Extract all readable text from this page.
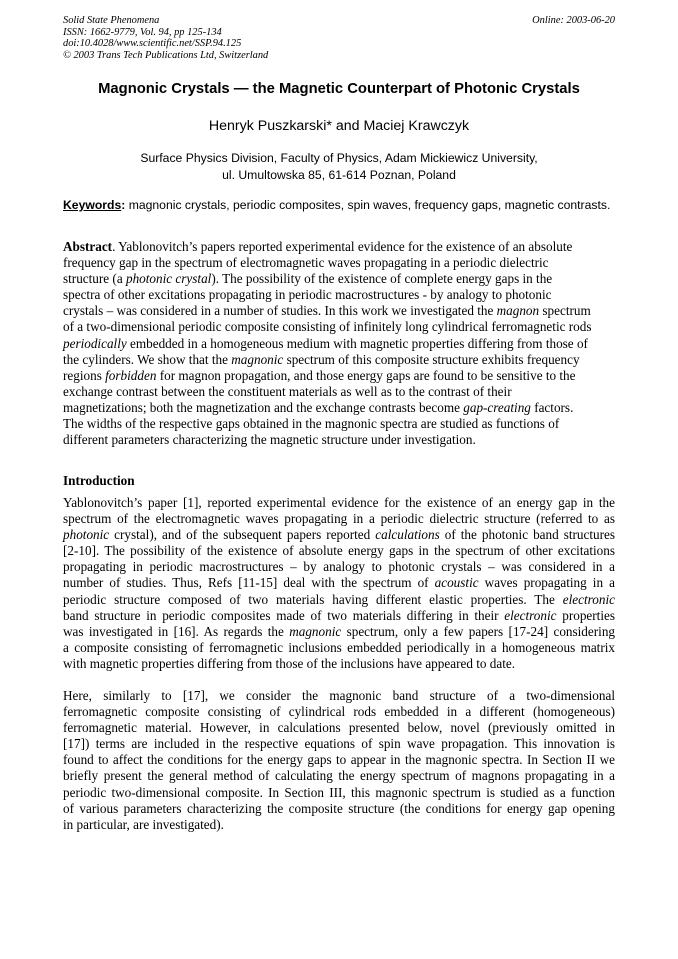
Solid State Phenomena
ISSN: 1662-9779, Vol. 94, pp 125-134
doi:10.4028/www.scientific.net/SSP.94.125
© 2003 Trans Tech Publications Ltd, Switzerland
Online: 2003-06-20
Magnonic Crystals — the Magnetic Counterpart of Photonic Crystals
Henryk Puszkarski* and Maciej Krawczyk
Surface Physics Division, Faculty of Physics, Adam Mickiewicz University,
ul. Umultowska 85, 61-614 Poznan, Poland
Keywords: magnonic crystals, periodic composites, spin waves, frequency gaps, magnetic contrasts.
Abstract. Yablonovitch’s papers reported experimental evidence for the existence of an absolute
frequency gap in the spectrum of electromagnetic waves propagating in a periodic dielectric
structure (a photonic crystal). The possibility of the existence of complete energy gaps in the
spectra of other excitations propagating in periodic macrostructures - by analogy to photonic
crystals – was considered in a number of studies. In this work we investigated the magnon spectrum
of a two-dimensional periodic composite consisting of infinitely long cylindrical ferromagnetic rods
periodically embedded in a homogeneous medium with magnetic properties differing from those of
the cylinders. We show that the magnonic spectrum of this composite structure exhibits frequency
regions forbidden for magnon propagation, and those energy gaps are found to be sensitive to the
exchange contrast between the constituent materials as well as to the contrast of their
magnetizations; both the magnetization and the exchange contrasts become gap-creating factors.
The widths of the respective gaps obtained in the magnonic spectra are studied as functions of
different parameters characterizing the magnetic structure under investigation.
Introduction
Yablonovitch’s paper [1], reported experimental evidence for the existence of an energy gap in the
spectrum of the electromagnetic waves propagating in a periodic dielectric structure (referred to as
photonic crystal), and of the subsequent papers reported calculations of the photonic band structures
[2-10]. The possibility of the existence of absolute energy gaps in the spectrum of other excitations
propagating in periodic macrostructures – by analogy to photonic crystals – was considered in a
number of studies. Thus, Refs [11-15] deal with the spectrum of acoustic waves propagating in a
periodic structure composed of two materials having different elastic properties. The electronic
band structure in periodic composites made of two materials differing in their electronic properties
was investigated in [16]. As regards the magnonic spectrum, only a few papers [17-24] considering
a composite consisting of ferromagnetic inclusions embedded periodically in a homogeneous matrix
with magnetic properties differing from those of the inclusions have appeared to date.
Here, similarly to [17], we consider the magnonic band structure of a two-dimensional
ferromagnetic composite consisting of cylindrical rods embedded in a different (homogeneous)
ferromagnetic material. However, in calculations presented below, novel (previously omitted in
[17]) terms are included in the respective equations of spin wave propagation. This innovation is
found to affect the conditions for the energy gaps to appear in the magnonic spectra. In Section II we
briefly present the general method of calculating the energy spectrum of magnons propagating in a
periodic two-dimensional composite. In Section III, this magnonic spectrum is studied as a function
of various parameters characterizing the composite structure (the conditions for energy gap opening
in particular, are investigated).
